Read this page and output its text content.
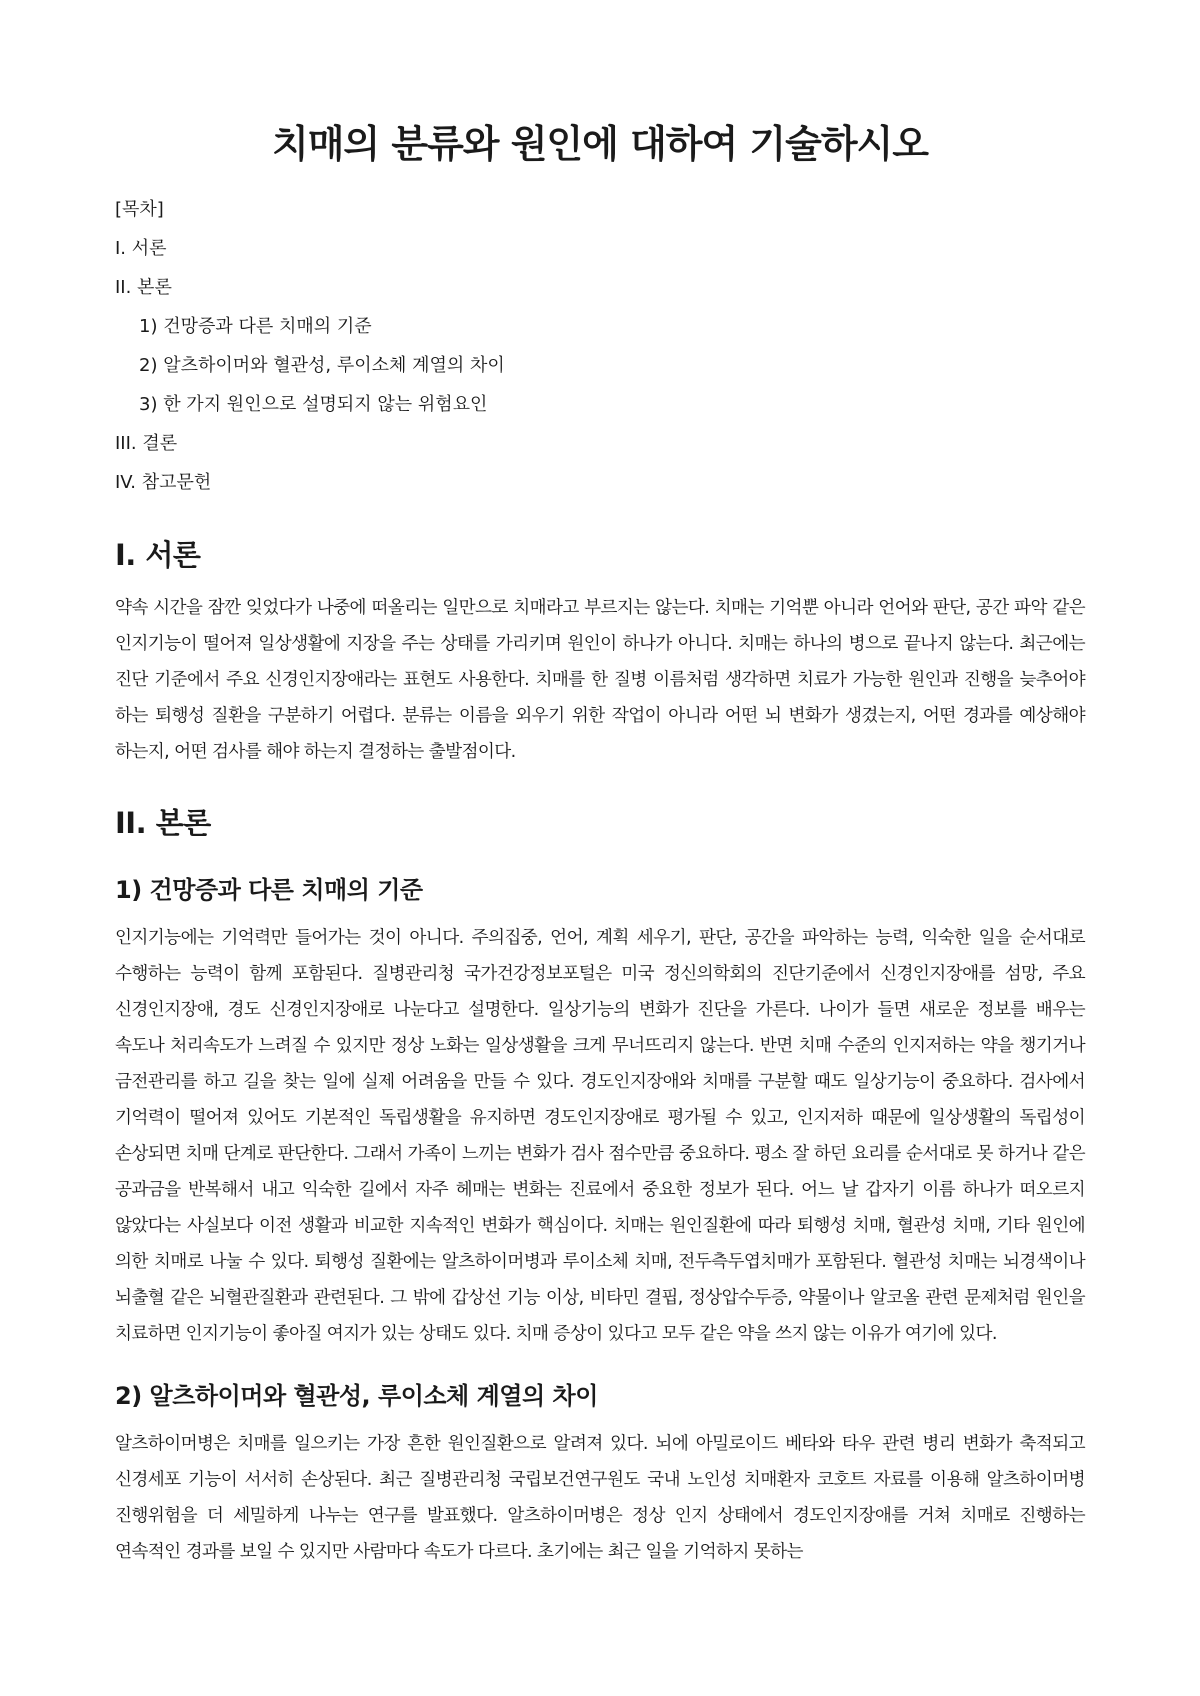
치매의 분류와 원인에 대하여 기술하시오
[목차]
I. 서론
II. 본론
1) 건망증과 다른 치매의 기준
2) 알츠하이머와 혈관성, 루이소체 계열의 차이
3) 한 가지 원인으로 설명되지 않는 위험요인
III. 결론
IV. 참고문헌
I. 서론

약속 시간을 잠깐 잊었다가 나중에 떠올리는 일만으로 치매라고 부르지는 않는다. 치매는 기억뿐 아니라 언어와 판단, 공간 파악 같은 인지기능이 떨어져 일상생활에 지장을 주는 상태를 가리키며 원인이 하나가 아니다. 치매는 하나의 병으로 끝나지 않는다. 최근에는 진단 기준에서 주요 신경인지장애라는 표현도 사용한다. 치매를 한 질병 이름처럼 생각하면 치료가 가능한 원인과 진행을 늦추어야 하는 퇴행성 질환을 구분하기 어렵다. 분류는 이름을 외우기 위한 작업이 아니라 어떤 뇌 변화가 생겼는지, 어떤 경과를 예상해야 하는지, 어떤 검사를 해야 하는지 결정하는 출발점이다.

II. 본론
1) 건망증과 다른 치매의 기준

인지기능에는 기억력만 들어가는 것이 아니다. 주의집중, 언어, 계획 세우기, 판단, 공간을 파악하는 능력, 익숙한 일을 순서대로 수행하는 능력이 함께 포함된다. 질병관리청 국가건강정보포털은 미국 정신의학회의 진단기준에서 신경인지장애를 섬망, 주요 신경인지장애, 경도 신경인지장애로 나눈다고 설명한다. 일상기능의 변화가 진단을 가른다. 나이가 들면 새로운 정보를 배우는 속도나 처리속도가 느려질 수 있지만 정상 노화는 일상생활을 크게 무너뜨리지 않는다. 반면 치매 수준의 인지저하는 약을 챙기거나 금전관리를 하고 길을 찾는 일에 실제 어려움을 만들 수 있다. 경도인지장애와 치매를 구분할 때도 일상기능이 중요하다. 검사에서 기억력이 떨어져 있어도 기본적인 독립생활을 유지하면 경도인지장애로 평가될 수 있고, 인지저하 때문에 일상생활의 독립성이 손상되면 치매 단계로 판단한다. 그래서 가족이 느끼는 변화가 검사 점수만큼 중요하다. 평소 잘 하던 요리를 순서대로 못 하거나 같은 공과금을 반복해서 내고 익숙한 길에서 자주 헤매는 변화는 진료에서 중요한 정보가 된다. 어느 날 갑자기 이름 하나가 떠오르지 않았다는 사실보다 이전 생활과 비교한 지속적인 변화가 핵심이다. 치매는 원인질환에 따라 퇴행성 치매, 혈관성 치매, 기타 원인에 의한 치매로 나눌 수 있다. 퇴행성 질환에는 알츠하이머병과 루이소체 치매, 전두측두엽치매가 포함된다. 혈관성 치매는 뇌경색이나 뇌출혈 같은 뇌혈관질환과 관련된다. 그 밖에 갑상선 기능 이상, 비타민 결핍, 정상압수두증, 약물이나 알코올 관련 문제처럼 원인을 치료하면 인지기능이 좋아질 여지가 있는 상태도 있다. 치매 증상이 있다고 모두 같은 약을 쓰지 않는 이유가 여기에 있다.

2) 알츠하이머와 혈관성, 루이소체 계열의 차이

알츠하이머병은 치매를 일으키는 가장 흔한 원인질환으로 알려져 있다. 뇌에 아밀로이드 베타와 타우 관련 병리 변화가 축적되고 신경세포 기능이 서서히 손상된다. 최근 질병관리청 국립보건연구원도 국내 노인성 치매환자 코호트 자료를 이용해 알츠하이머병 진행위험을 더 세밀하게 나누는 연구를 발표했다. 알츠하이머병은 정상 인지 상태에서 경도인지장애를 거쳐 치매로 진행하는 연속적인 경과를 보일 수 있지만 사람마다 속도가 다르다. 초기에는 최근 일을 기억하지 못하는
